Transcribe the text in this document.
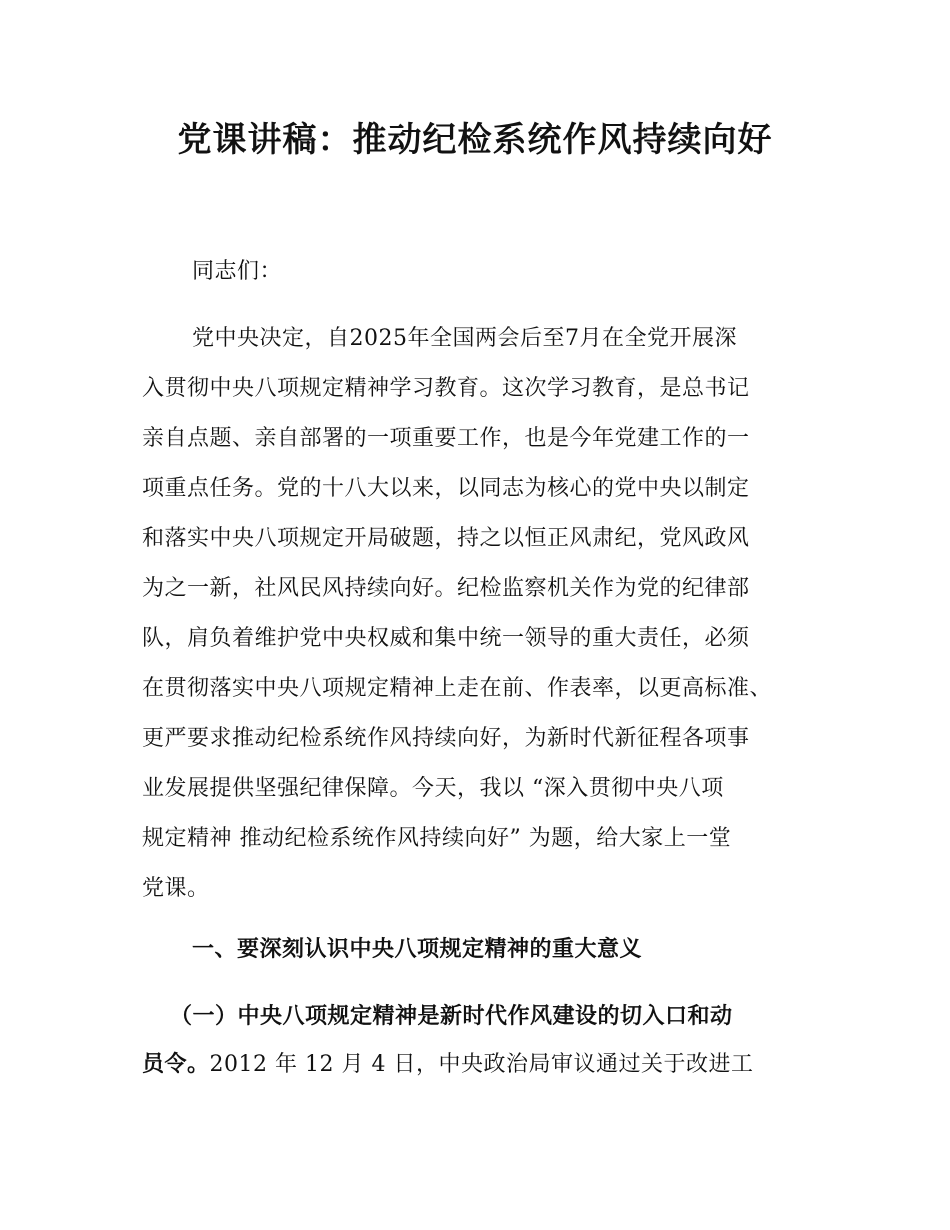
党课讲稿：推动纪检系统作风持续向好
同志们：
党中央决定，自2025年全国两会后至7月在全党开展深
入贯彻中央八项规定精神学习教育。这次学习教育，是总书记
亲自点题、亲自部署的一项重要工作，也是今年党建工作的一
项重点任务。党的十八大以来，以同志为核心的党中央以制定
和落实中央八项规定开局破题，持之以恒正风肃纪，党风政风
为之一新，社风民风持续向好。纪检监察机关作为党的纪律部
队，肩负着维护党中央权威和集中统一领导的重大责任，必须
在贯彻落实中央八项规定精神上走在前、作表率，以更高标准、
更严要求推动纪检系统作风持续向好，为新时代新征程各项事
业发展提供坚强纪律保障。今天，我以 “深入贯彻中央八项
规定精神 推动纪检系统作风持续向好” 为题，给大家上一堂
党课。
一、要深刻认识中央八项规定精神的重大意义
（一）中央八项规定精神是新时代作风建设的切入口和动
员令。2012 年 12 月 4 日，中央政治局审议通过关于改进工
